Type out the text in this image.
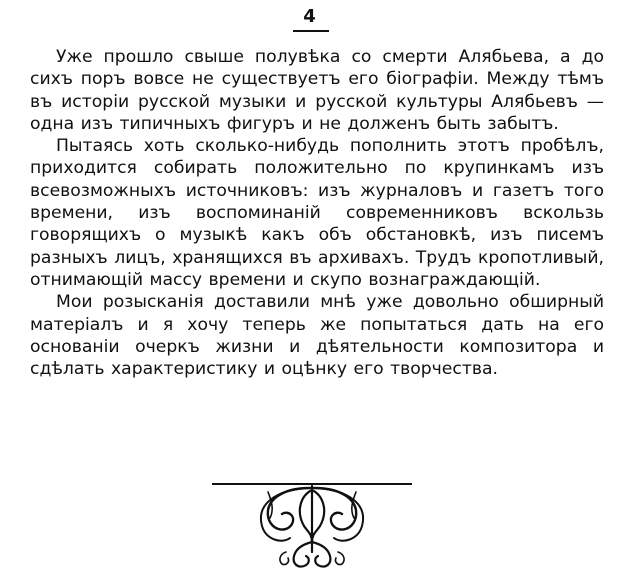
4

Уже прошло свыше полувѣка со смерти Алябьева, а до сихъ поръ вовсе не существуетъ его біографіи. Между тѣмъ въ исторіи русской музыки и русской культуры Алябьевъ — одна изъ типичныхъ фигуръ и не долженъ быть забытъ.

Пытаясь хоть сколько-нибудь пополнить этотъ пробѣлъ, приходится собирать положительно по крупинкамъ изъ всевозможныхъ источниковъ: изъ журналовъ и газетъ того времени, изъ воспоминаній современниковъ вскользь говорящихъ о музыкѣ какъ объ обстановкѣ, изъ писемъ разныхъ лицъ, хранящихся въ архивахъ. Трудъ кропотливый, отнимающій массу времени и скупо вознаграждающій.

Мои розысканія доставили мнѣ уже довольно обширный матеріалъ и я хочу теперь же попытаться дать на его основаніи очеркъ жизни и дѣятельности композитора и сдѣлать характеристику и оцѣнку его творчества.
